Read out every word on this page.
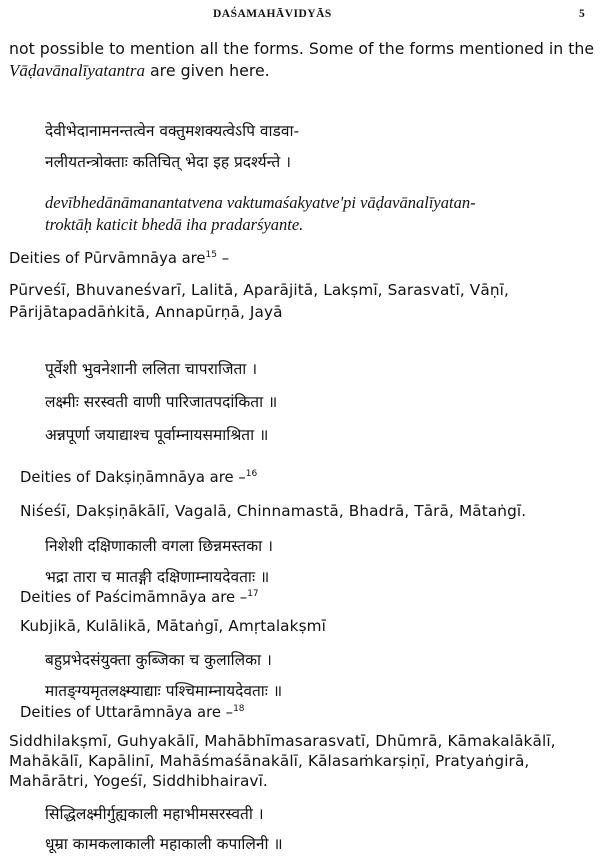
DAŚAMAHĀVIDYĀS	5
not possible to mention all the forms. Some of the forms mentioned in the
Vāḍavānalīyatantra are given here.
देवीभेदानामनन्तत्वेन वक्तुमशक्यत्वेऽपि वाडवा-
नलीयतन्त्रोक्ताः कतिचित् भेदा इह प्रदर्श्यन्ते ।
devībhedānāmanantatvena vaktumaśakyatve'pi vāḍavānalīyatan-
troktāḥ katicit bhedā iha pradarśyante.
Deities of Pūrvāmnāya are$^{15}$ –
Pūrveśī, Bhuvaneśvarī, Lalitā, Aparājitā, Lakṣmī, Sarasvatī, Vāṇī,
Pārijātapadāṅkitā, Annapūrṇā, Jayā
पूर्वेशी भुवनेशानी ललिता चापराजिता ।
लक्ष्मीः सरस्वती वाणी पारिजातपदांकिता ॥
अन्नपूर्णा जयाद्याश्च पूर्वाम्नायसमाश्रिता ॥
Deities of Dakṣiṇāmnāya are –$^{16}$
Niśeśī, Dakṣiṇākālī, Vagalā, Chinnamastā, Bhadrā, Tārā, Mātaṅgī.
निशेशी दक्षिणाकाली वगला छिन्नमस्तका ।
भद्रा तारा च मातङ्गी दक्षिणाम्नायदेवताः ॥
Deities of Paścimāmnāya are –$^{17}$
Kubjikā, Kulālikā, Mātaṅgī, Amṛtalakṣmī
बहुप्रभेदसंयुक्ता कुब्जिका च कुलालिका ।
मातङ्ग्यमृतलक्ष्म्याद्याः पश्चिमाम्नायदेवताः ॥
Deities of Uttarāmnāya are –$^{18}$
Siddhilakṣmī, Guhyakālī, Mahābhīmasarasvatī, Dhūmrā, Kāmakalākālī,
Mahākālī, Kapālinī, Mahāśmaśānakālī, Kālasaṁkarṣiṇī, Pratyaṅgirā,
Mahārātri, Yogeśī, Siddhibhairavī.
सिद्धिलक्ष्मीर्गुह्यकाली महाभीमसरस्वती ।
धूम्रा कामकलाकाली महाकाली कपालिनी ॥
